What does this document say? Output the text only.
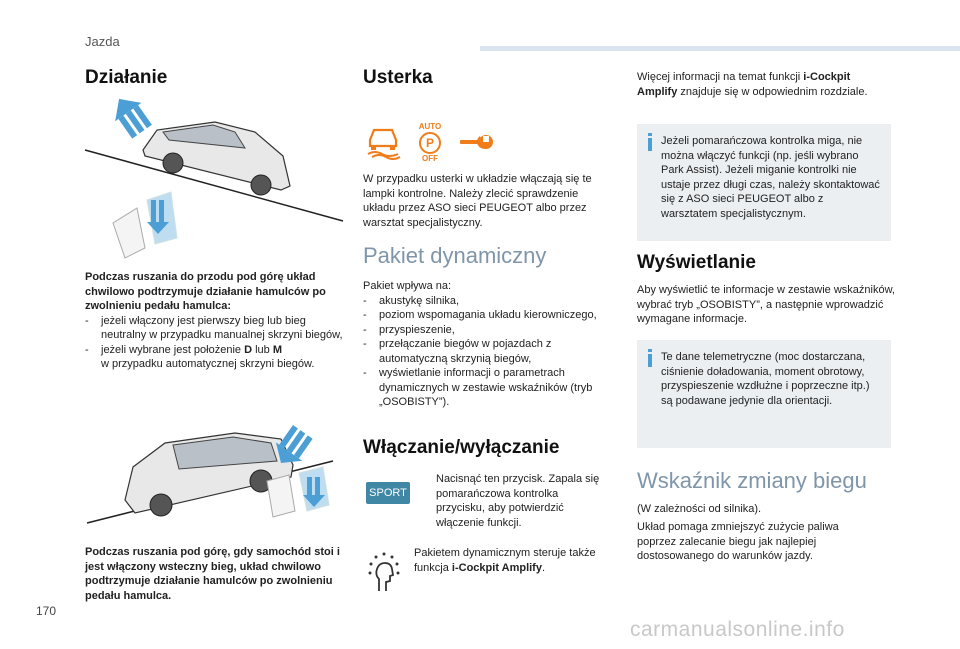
Jazda
Działanie

Podczas ruszania do przodu pod górę układ chwilowo podtrzymuje działanie hamulców po zwolnieniu pedału hamulca:

- jeżeli włączony jest pierwszy bieg lub bieg neutralny w przypadku manualnej skrzyni biegów,
- jeżeli wybrane jest położenie D lub M
w przypadku automatycznej skrzyni biegów.
Podczas ruszania pod górę, gdy samochód stoi i jest włączony wsteczny bieg, układ chwilowo podtrzymuje działanie hamulców po zwolnieniu pedału hamulca.
Usterka
AUTO
P
OFF
W przypadku usterki w układzie włączają się te lampki kontrolne. Należy zlecić sprawdzenie układu przez ASO sieci PEUGEOT albo przez warsztat specjalistyczny.
Pakiet dynamiczny

Pakiet wpływa na:

- akustykę silnika,
- poziom wspomagania układu kierowniczego,
- przyspieszenie,
- przełączanie biegów w pojazdach z automatyczną skrzynią biegów,
- wyświetlanie informacji o parametrach dynamicznych w zestawie wskaźników (tryb „OSOBISTY”).
Włączanie/wyłączanie
SPORT
Nacisnąć ten przycisk. Zapala się pomarańczowa kontrolka przycisku, aby potwierdzić włączenie funkcji.
Pakietem dynamicznym steruje także funkcja i-Cockpit Amplify.
Więcej informacji na temat funkcji i-Cockpit Amplify znajduje się w odpowiednim rozdziale.
Jeżeli pomarańczowa kontrolka miga, nie można włączyć funkcji (np. jeśli wybrano Park Assist). Jeżeli miganie kontrolki nie ustaje przez długi czas, należy skontaktować się z ASO sieci PEUGEOT albo z warsztatem specjalistycznym.
Wyświetlanie
Aby wyświetlić te informacje w zestawie wskaźników, wybrać tryb „OSOBISTY”, a następnie wprowadzić wymagane informacje.
Te dane telemetryczne (moc dostarczana, ciśnienie doładowania, moment obrotowy, przyspieszenie wzdłużne i poprzeczne itp.) są podawane jedynie dla orientacji.
Wskaźnik zmiany biegu
(W zależności od silnika).
Układ pomaga zmniejszyć zużycie paliwa poprzez zalecanie biegu jak najlepiej dostosowanego do warunków jazdy.
170
carmanualsonline.info
